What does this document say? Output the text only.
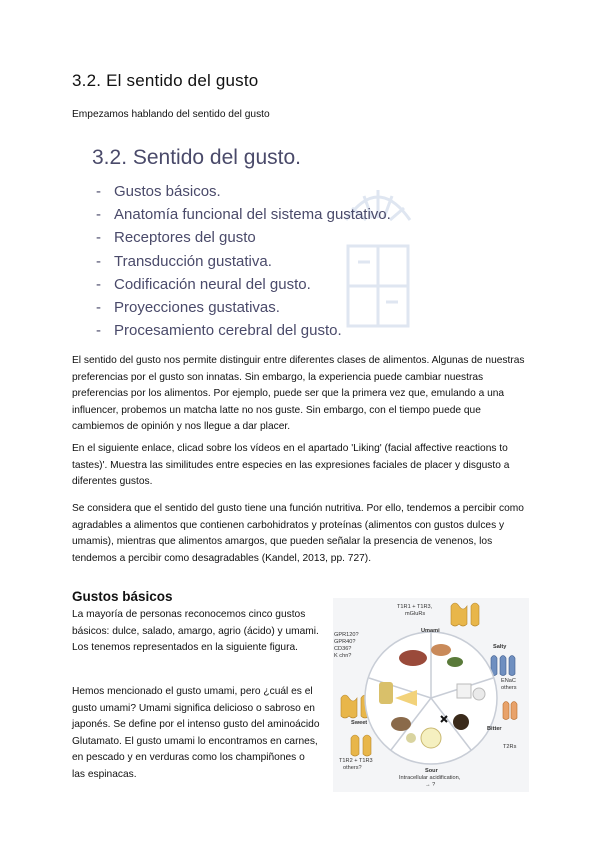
3.2. El sentido del gusto
Empezamos hablando del sentido del gusto
3.2. Sentido del gusto.
- Gustos básicos.
- Anatomía funcional del sistema gustativo.
- Receptores del gusto
- Transducción gustativa.
- Codificación neural del gusto.
- Proyecciones gustativas.
- Procesamiento cerebral del gusto.
El sentido del gusto nos permite distinguir entre diferentes clases de alimentos. Algunas de nuestras preferencias por el gusto son innatas. Sin embargo, la experiencia puede cambiar nuestras preferencias por los alimentos. Por ejemplo, puede ser que la primera vez que, emulando a una influencer, probemos un matcha latte no nos guste. Sin embargo, con el tiempo puede que cambiemos de opinión y nos llegue a dar placer.
En el siguiente enlace, clicad sobre los vídeos en el apartado 'Liking' (facial affective reactions to tastes)'. Muestra las similitudes entre especies en las expresiones faciales de placer y disgusto a diferentes gustos.
Se considera que el sentido del gusto tiene una función nutritiva. Por ello, tendemos a percibir como agradables a alimentos que contienen carbohidratos y proteínas (alimentos con gustos dulces y umamis), mientras que alimentos amargos, que pueden señalar la presencia de venenos, los tendemos a percibir como desagradables (Kandel, 2013, pp. 727).
Gustos básicos
La mayoría de personas reconocemos cinco gustos básicos: dulce, salado, amargo, agrio (ácido) y umami. Los tenemos representados en la siguiente figura.
Hemos mencionado el gusto umami, pero ¿cuál es el gusto umami? Umami significa delicioso o sabroso en japonés. Se define por el intenso gusto del aminoácido Glutamato. El gusto umami lo encontramos en carnes, en pescado y en verduras como los champiñones o las espinacas.
T1R1 + T1R3,
mGluRs
Umami
GPR120?
GPR40?
CD36?
K chn?
Salty
ENaC
others
Sweet
T1R2 + T1R3
others?
Bitter
T2Rs
Sour
Intracellular acidification,
→ ?
